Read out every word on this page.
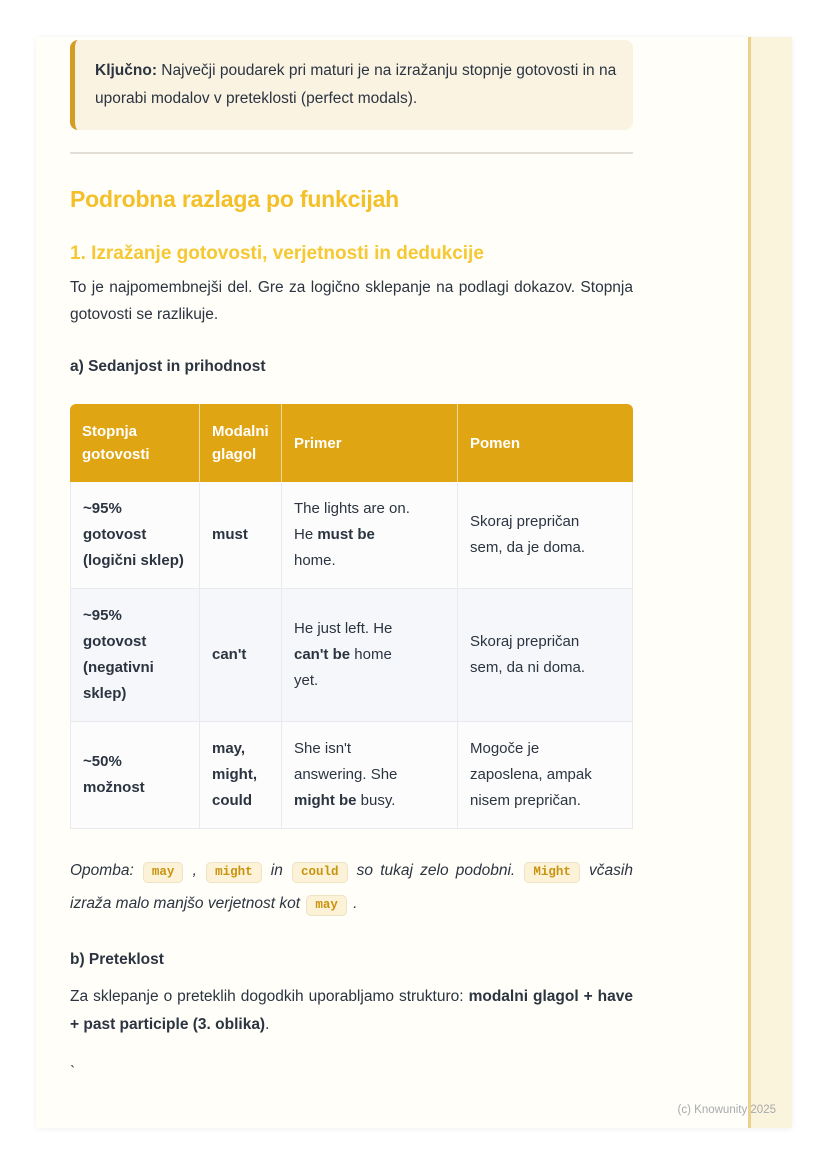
Ključno: Največji poudarek pri maturi je na izražanju stopnje gotovosti in na uporabi modalov v preteklosti (perfect modals).

Podrobna razlaga po funkcijah
1. Izražanje gotovosti, verjetnosti in dedukcije

To je najpomembnejši del. Gre za logično sklepanje na podlagi dokazov. Stopnja gotovosti se razlikuje.

a) Sedanjost in prihodnost
Stopnja gotovosti	Modalni glagol	Primer	Pomen

~95% gotovost (logični sklep)	must	The lights are on. He must be home.	Skoraj prepričan sem, da je doma.

~95% gotovost (negativni sklep)	can't	He just left. He can't be home yet.	Skoraj prepričan sem, da ni doma.

~50% možnost	may, might, could	She isn't answering. She might be busy.	Mogoče je zaposlena, ampak nisem prepričan.

Opomba: may , might in could so tukaj zelo podobni. Might včasih izraža malo manjšo verjetnost kot may .

b) Preteklost

Za sklepanje o preteklih dogodkih uporabljamo strukturo: modalni glagol + have + past participle (3. oblika).

`
(c) Knowunity 2025
